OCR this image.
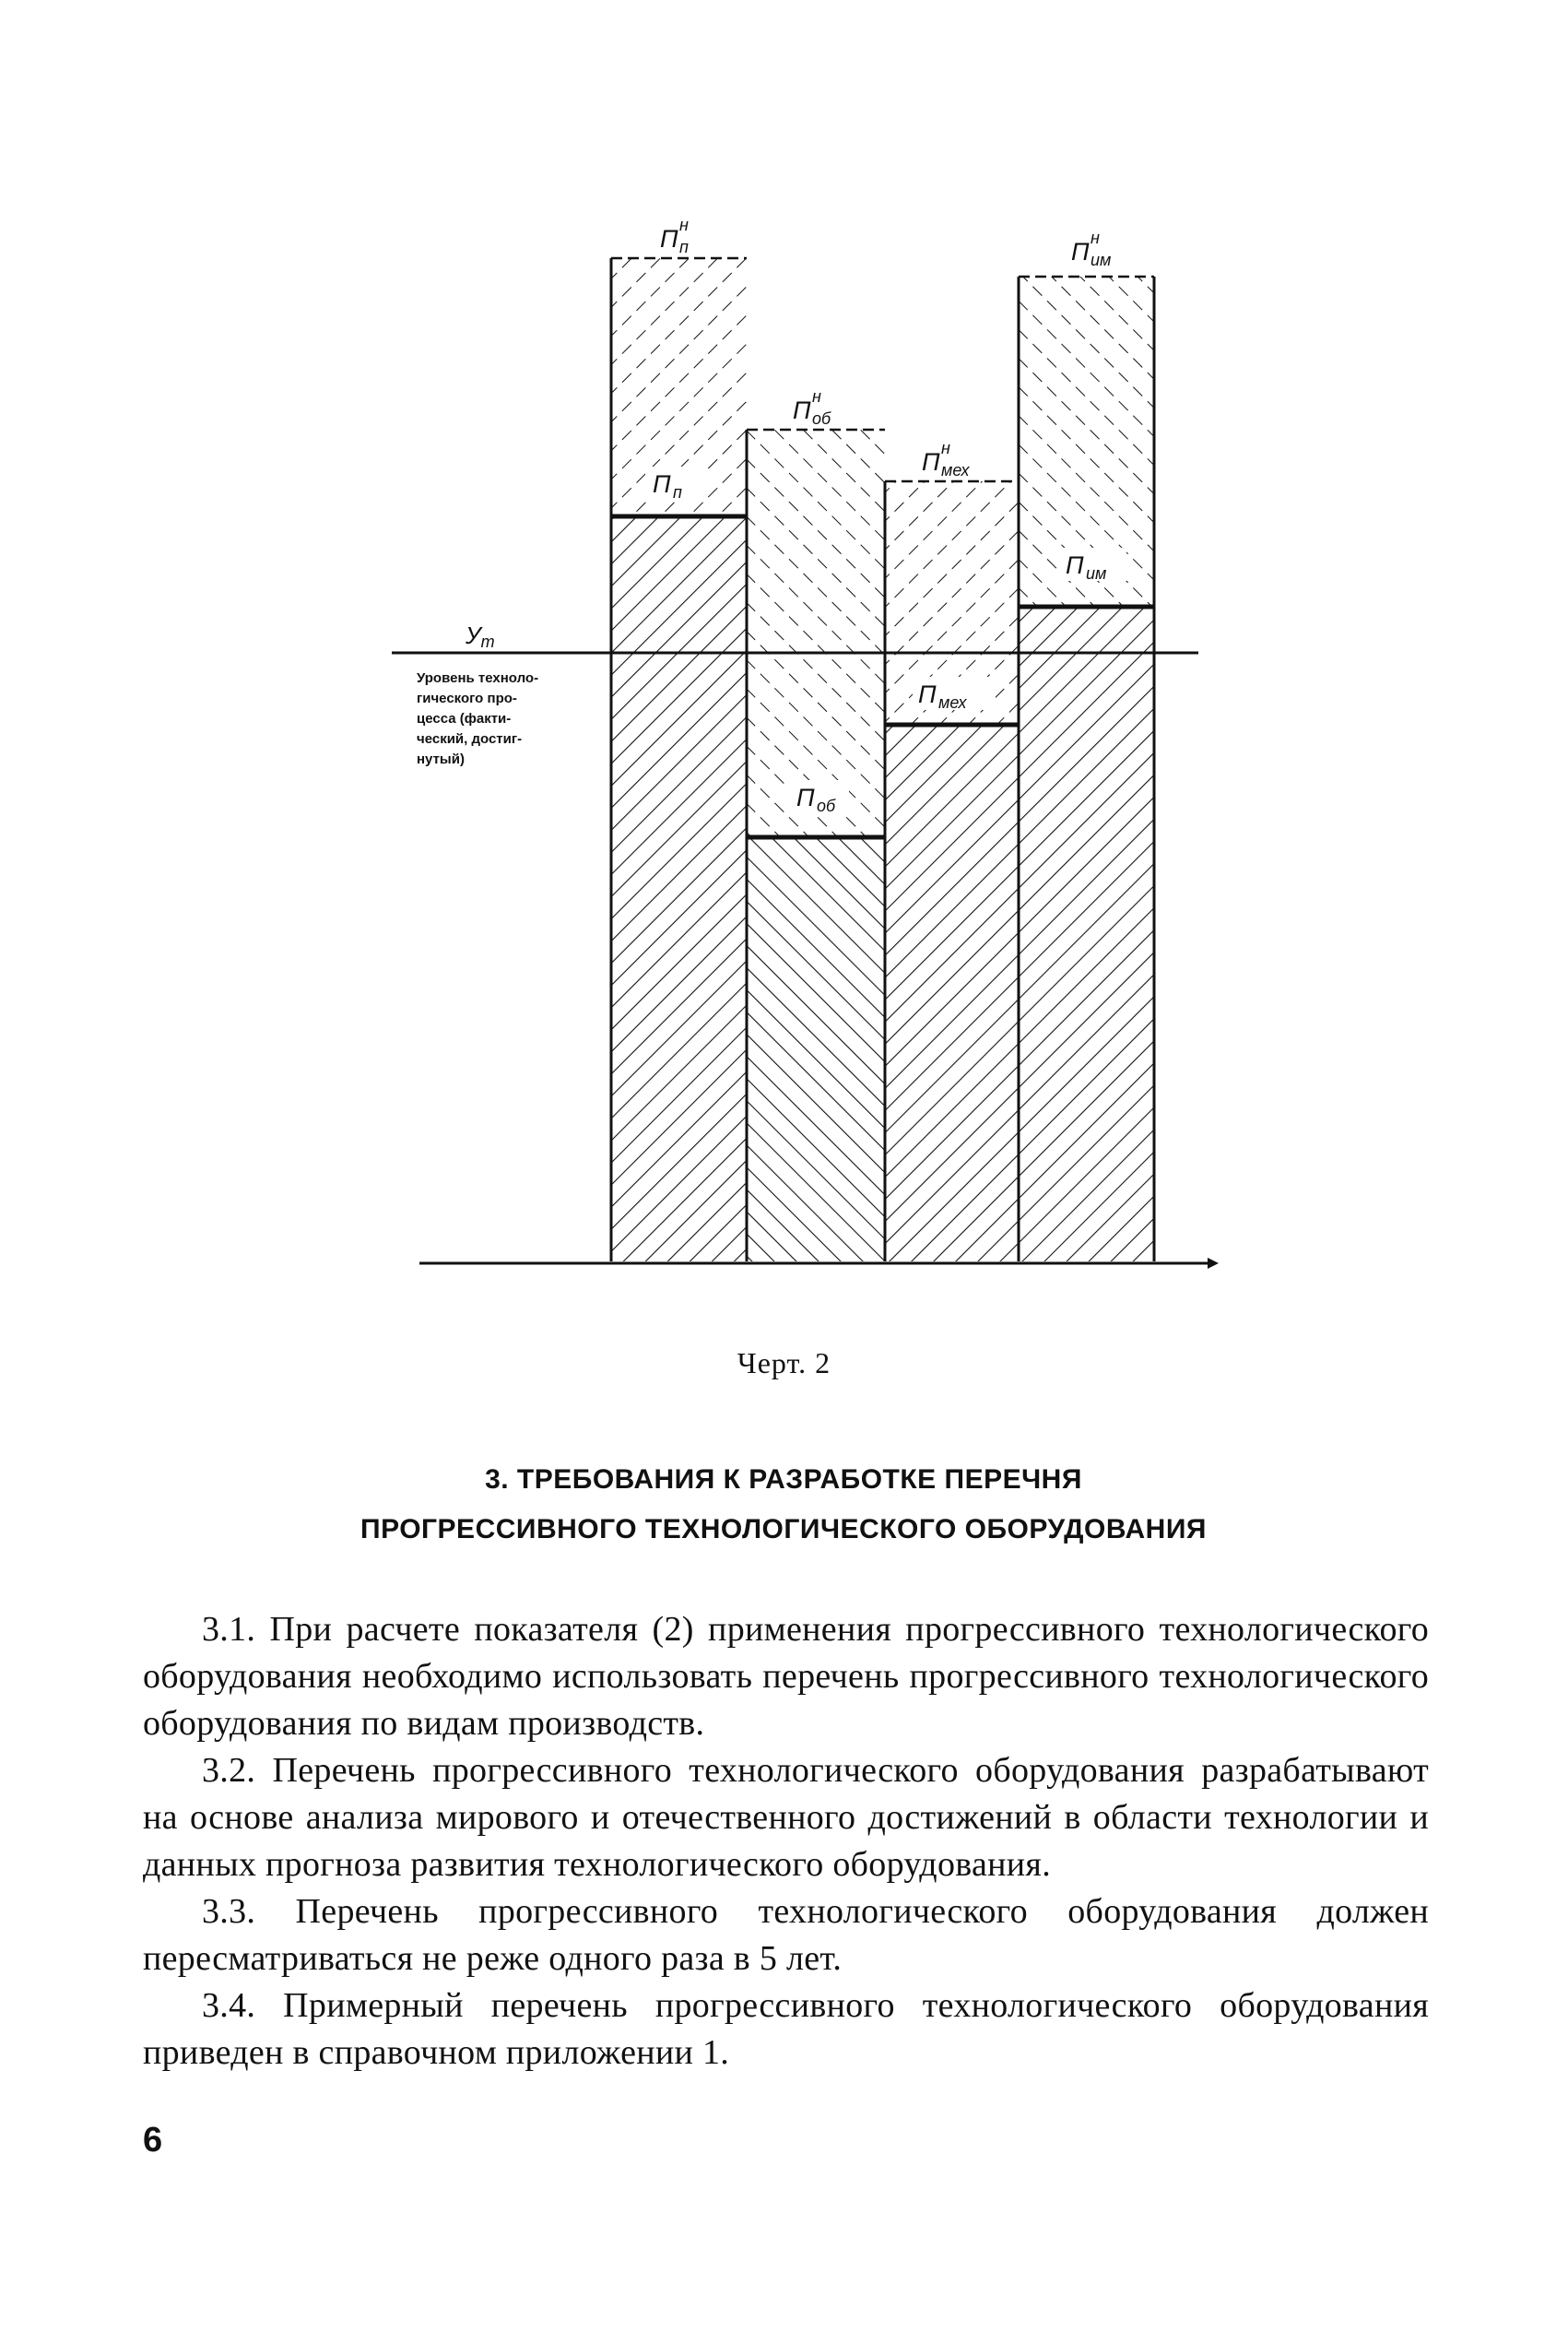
Ут
Уровень техноло-
гического про-
цесса (факти-
ческий, достиг-
нутый)
П н
п
П н
об
П н
мех
П н
им
П п
П об
П мех
П им
Черт. 2
3. ТРЕБОВАНИЯ К РАЗРАБОТКЕ ПЕРЕЧНЯ
ПРОГРЕССИВНОГО ТЕХНОЛОГИЧЕСКОГО ОБОРУДОВАНИЯ

3.1. При расчете показателя (2) применения прогрессивного технологического оборудования необходимо использовать перечень прогрессивного технологического оборудования по видам производств.

3.2. Перечень прогрессивного технологического оборудования разрабатывают на основе анализа мирового и отечественного достижений в области технологии и данных прогноза развития технологического оборудования.

3.3. Перечень прогрессивного технологического оборудования должен пересматриваться не реже одного раза в 5 лет.

3.4. Примерный перечень прогрессивного технологического оборудования приведен в справочном приложении 1.

6
